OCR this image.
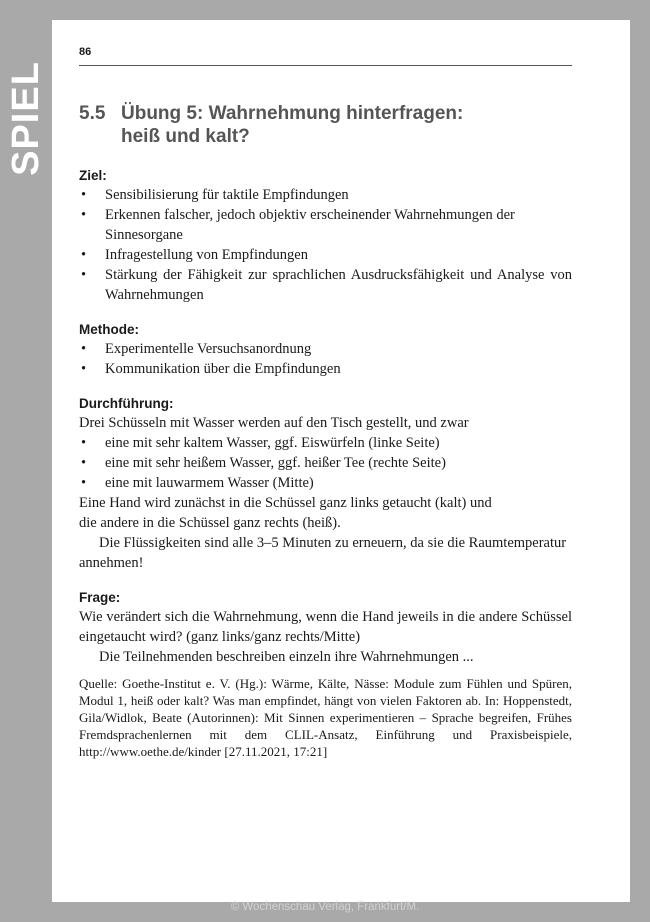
SPIEL
86
5.5 Übung 5: Wahrnehmung hinterfragen:
heiß und kalt?
Ziel:
• Sensibilisierung für taktile Empfindungen
• Erkennen falscher, jedoch objektiv erscheinender Wahrnehmungen der Sinnesorgane
• Infragestellung von Empfindungen
• Stärkung der Fähigkeit zur sprachlichen Ausdrucksfähigkeit und Analyse von Wahrnehmungen
Methode:
• Experimentelle Versuchsanordnung
• Kommunikation über die Empfindungen
Durchführung:

Drei Schüsseln mit Wasser werden auf den Tisch gestellt, und zwar

• eine mit sehr kaltem Wasser, ggf. Eiswürfeln (linke Seite)
• eine mit sehr heißem Wasser, ggf. heißer Tee (rechte Seite)
• eine mit lauwarmem Wasser (Mitte)

Eine Hand wird zunächst in die Schüssel ganz links getaucht (kalt) und die andere in die Schüssel ganz rechts (heiß).

Die Flüssigkeiten sind alle 3–5 Minuten zu erneuern, da sie die Raumtemperatur annehmen!

Frage:

Wie verändert sich die Wahrnehmung, wenn die Hand jeweils in die andere Schüssel eingetaucht wird? (ganz links/ganz rechts/Mitte)

Die Teilnehmenden beschreiben einzeln ihre Wahrnehmungen ...

Quelle: Goethe-Institut e. V. (Hg.): Wärme, Kälte, Nässe: Module zum Fühlen und Spüren, Modul 1, heiß oder kalt? Was man empfindet, hängt von vielen Faktoren ab. In: Hoppenstedt, Gila/Widlok, Beate (Autorinnen): Mit Sinnen experimentieren – Sprache begreifen, Frühes Fremdsprachenlernen mit dem CLIL-Ansatz, Einführung und Praxisbeispiele, http://www.oethe.de/kinder [27.11.2021, 17:21]

© Wochenschau Verlag, Frankfurt/M.
